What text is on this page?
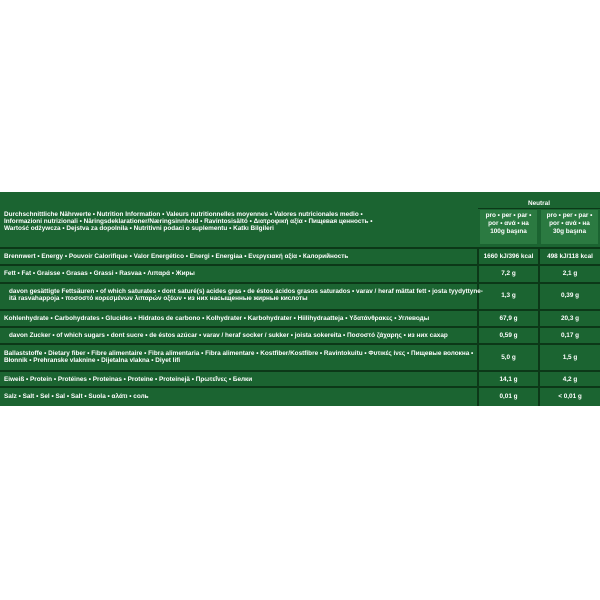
Neutral
Durchschnittliche Nährwerte • Nutrition Information • Valeurs nutritionnelles moyennes • Valores nutricionales medio •
Informazioni nutrizionali • Näringsdeklarationer/Næringsinnhold • Ravintosisältö • Διατροφική αξία • Пищевая ценность •
Wartość odżywcza • Dejstva za dopolnila • Nutritivni podaci o suplementu • Katkı Bilgileri
pro • per • par •
por • ανά • на
100g başına
pro • per • par •
por • ανά • на
30g başına
Brennwert • Energy • Pouvoir Calorifique • Valor Energético • Energi • Energiaa • Ενεργειακή αξία • Калорийность	1660 kJ/396 kcal	498 kJ/118 kcal
Fett • Fat • Graisse • Grasas • Grassi • Rasvaa • Λιπαρά • Жиры	7,2 g	2,1 g
davon gesättigte Fettsäuren • of which saturates • dont saturé(s) acides gras • de éstos ácidos grasos saturados • varav / heraf mättat fett • josta tyydyttyne-
itä rasvahappoja • ποσοστό κορεσμένων λιπαρών οξέων • из них насыщенные жирные кислоты	1,3 g	0,39 g
Kohlenhydrate • Carbohydrates • Glucides • Hidratos de carbono • Kolhydrater • Karbohydrater • Hiilihydraatteja • Υδατάνθρακες • Углеводы	67,9 g	20,3 g
davon Zucker • of which sugars • dont sucre • de éstos azúcar • varav / heraf socker / sukker • joista sokereita • Ποσοστό ζάχαρης • из них сахар	0,59 g	0,17 g
Ballaststoffe • Dietary fiber • Fibre alimentaire • Fibra alimentaria • Fibra alimentare • Kostfiber/Kostfibre • Ravintokuitu • Φυτικές ίνες • Пищевые волокна •
Błonnik • Prehranske vlaknine • Dijetalna vlakna • Diyet lifi	5,0 g	1,5 g
Eiweiß • Protein • Protéines • Proteinas • Proteine • Proteinejä • Πρωτεΐνες • Белки	14,1 g	4,2 g
Salz • Salt • Sel • Sal • Salt • Suola • αλάτι • соль	0,01 g	< 0,01 g
